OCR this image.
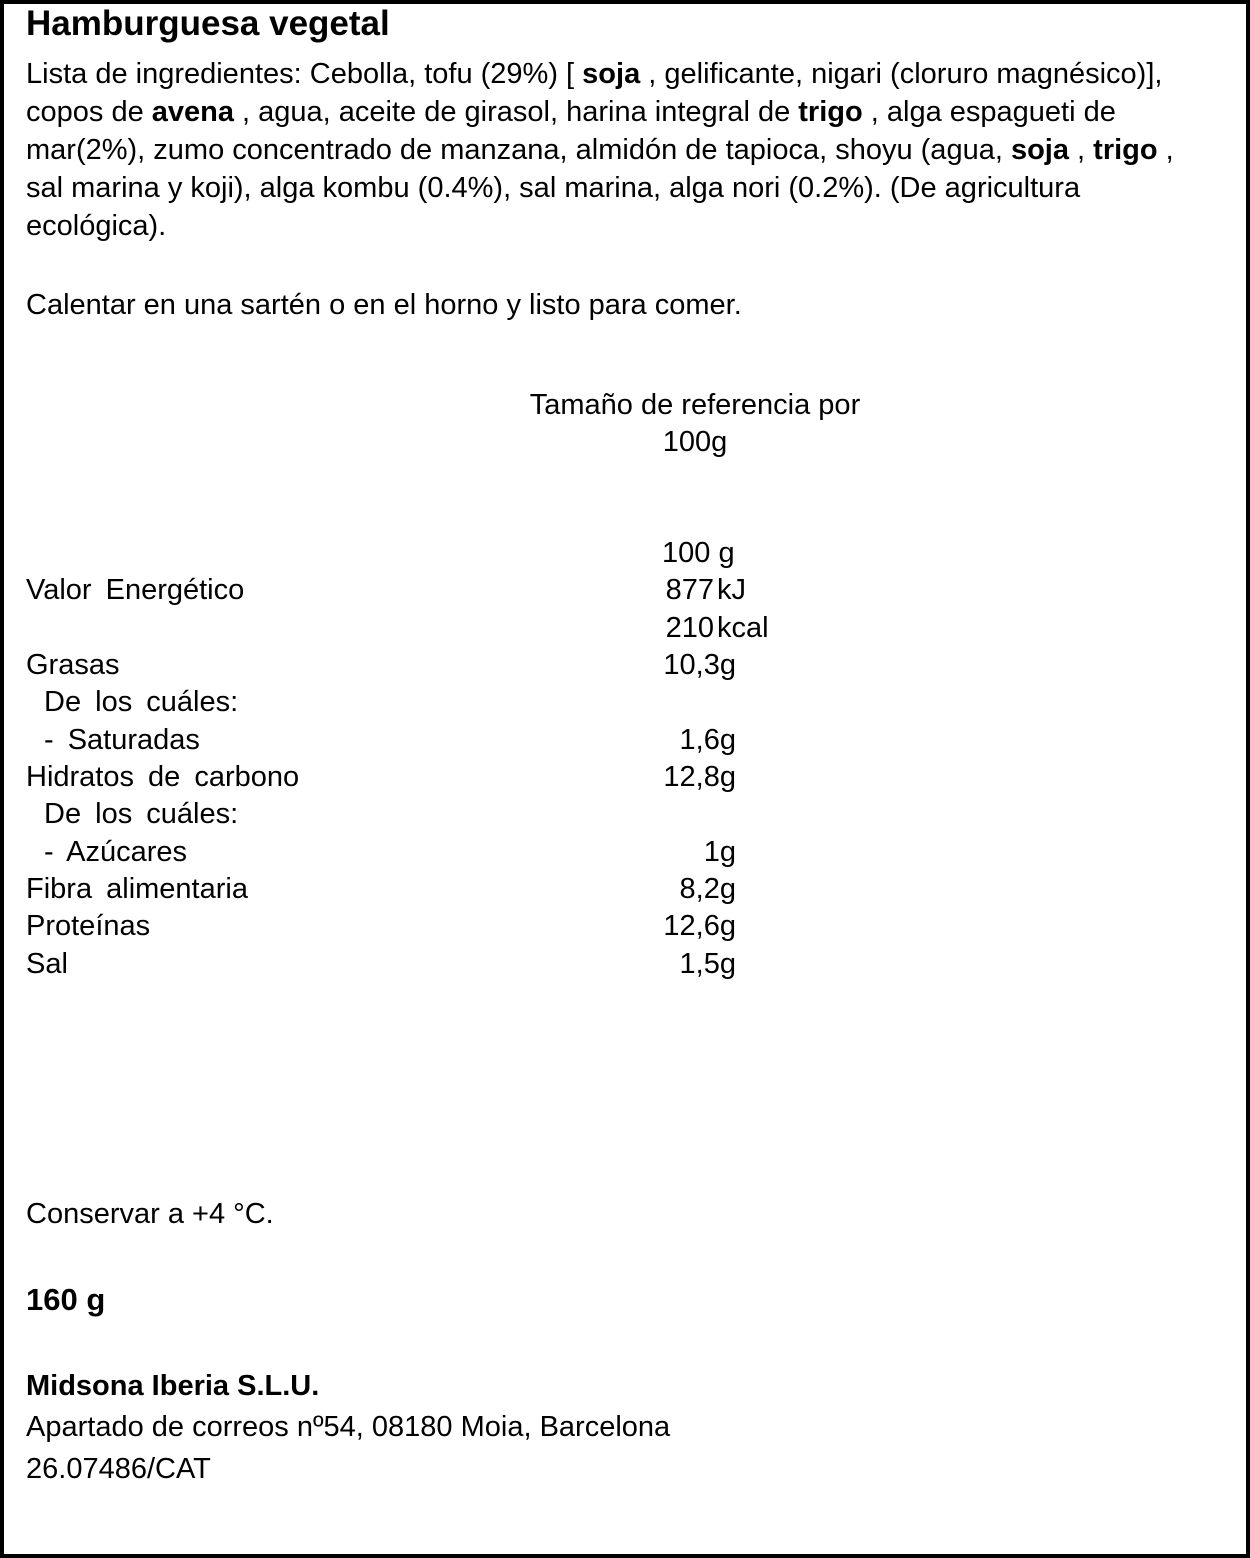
Hamburguesa vegetal
Lista de ingredientes: Cebolla, tofu (29%) [ soja , gelificante, nigari (cloruro magnésico)], copos de avena , agua, aceite de girasol, harina integral de trigo , alga espagueti de mar(2%), zumo concentrado de manzana, almidón de tapioca, shoyu (agua, soja , trigo , sal marina y koji), alga kombu (0.4%), sal marina, alga nori (0.2%). (De agricultura ecológica).
Calentar en una sartén o en el horno y listo para comer.
Tamaño de referencia por 100g
100 g
Valor Energético	877 kJ
210 kcal
Grasas	10,3g
De los cuáles:
- Saturadas	1,6g
Hidratos de carbono	12,8g
De los cuáles:
- Azúcares	1g
Fibra alimentaria	8,2g
Proteínas	12,6g
Sal	1,5g
Conservar a +4 °C.
160 g
Midsona Iberia S.L.U.
Apartado de correos nº54, 08180 Moia, Barcelona
26.07486/CAT
